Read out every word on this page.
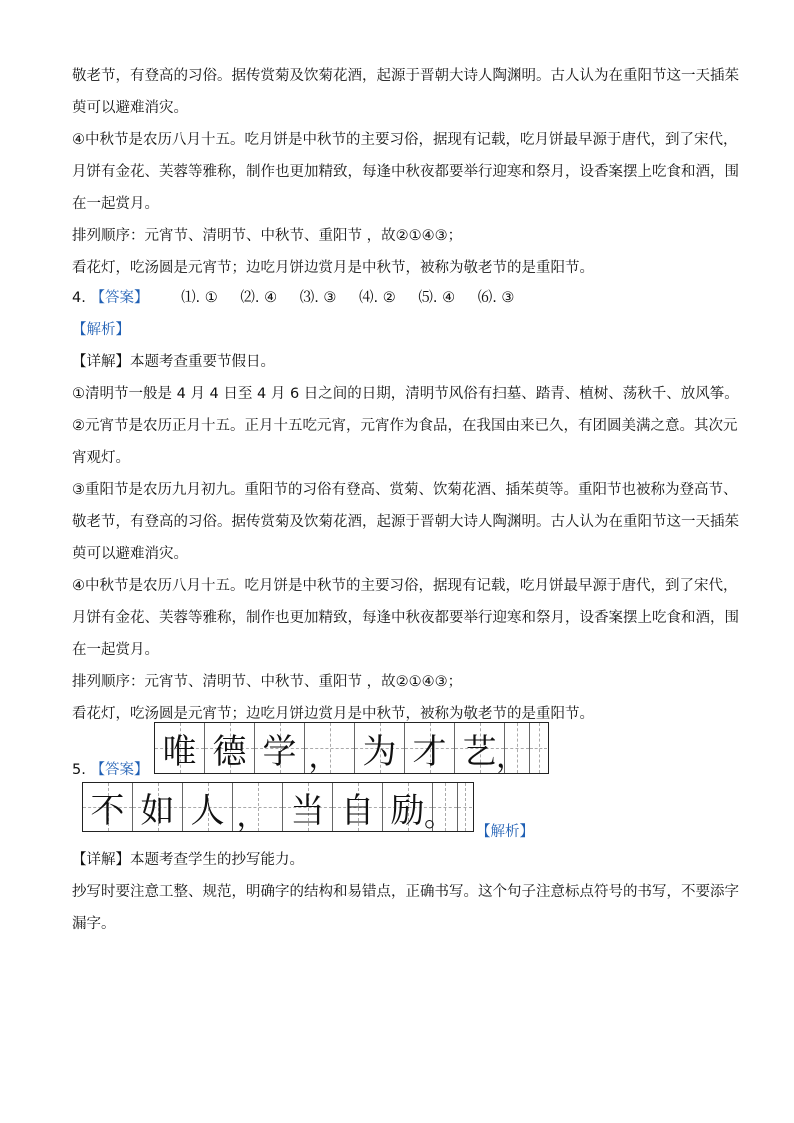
敬老节，有登高的习俗。据传赏菊及饮菊花酒，起源于晋朝大诗人陶渊明。古人认为在重阳节这一天插茱
萸可以避难消灾。
④中秋节是农历八月十五。吃月饼是中秋节的主要习俗，据现有记载，吃月饼最早源于唐代，到了宋代，
月饼有金花、芙蓉等雅称，制作也更加精致，每逢中秋夜都要举行迎寒和祭月，设香案摆上吃食和酒，围
在一起赏月。
排列顺序：元宵节、清明节、中秋节、重阳节 ，故②①④③；
看花灯，吃汤圆是元宵节；边吃月饼边赏月是中秋节，被称为敬老节的是重阳节。
4. 【答案】 ⑴. ① ⑵. ④ ⑶. ③ ⑷. ② ⑸. ④ ⑹. ③
【解析】
【详解】本题考查重要节假日。
①清明节一般是 4 月 4 日至 4 月 6 日之间的日期，清明节风俗有扫墓、踏青、植树、荡秋千、放风筝。
②元宵节是农历正月十五。正月十五吃元宵，元宵作为食品，在我国由来已久，有团圆美满之意。其次元
宵观灯。
③重阳节是农历九月初九。重阳节的习俗有登高、赏菊、饮菊花酒、插茱萸等。重阳节也被称为登高节、
敬老节，有登高的习俗。据传赏菊及饮菊花酒，起源于晋朝大诗人陶渊明。古人认为在重阳节这一天插茱
萸可以避难消灾。
④中秋节是农历八月十五。吃月饼是中秋节的主要习俗，据现有记载，吃月饼最早源于唐代，到了宋代，
月饼有金花、芙蓉等雅称，制作也更加精致，每逢中秋夜都要举行迎寒和祭月，设香案摆上吃食和酒，围
在一起赏月。
排列顺序：元宵节、清明节、中秋节、重阳节 ，故②①④③；
看花灯，吃汤圆是元宵节；边吃月饼边赏月是中秋节，被称为敬老节的是重阳节。
5. 【答案】 唯 德 学 ， 为 才 艺 ，
不 如 人 ， 当 自 励 。 【解析】
【详解】本题考查学生的抄写能力。
抄写时要注意工整、规范，明确字的结构和易错点，正确书写。这个句子注意标点符号的书写，不要添字
漏字。
